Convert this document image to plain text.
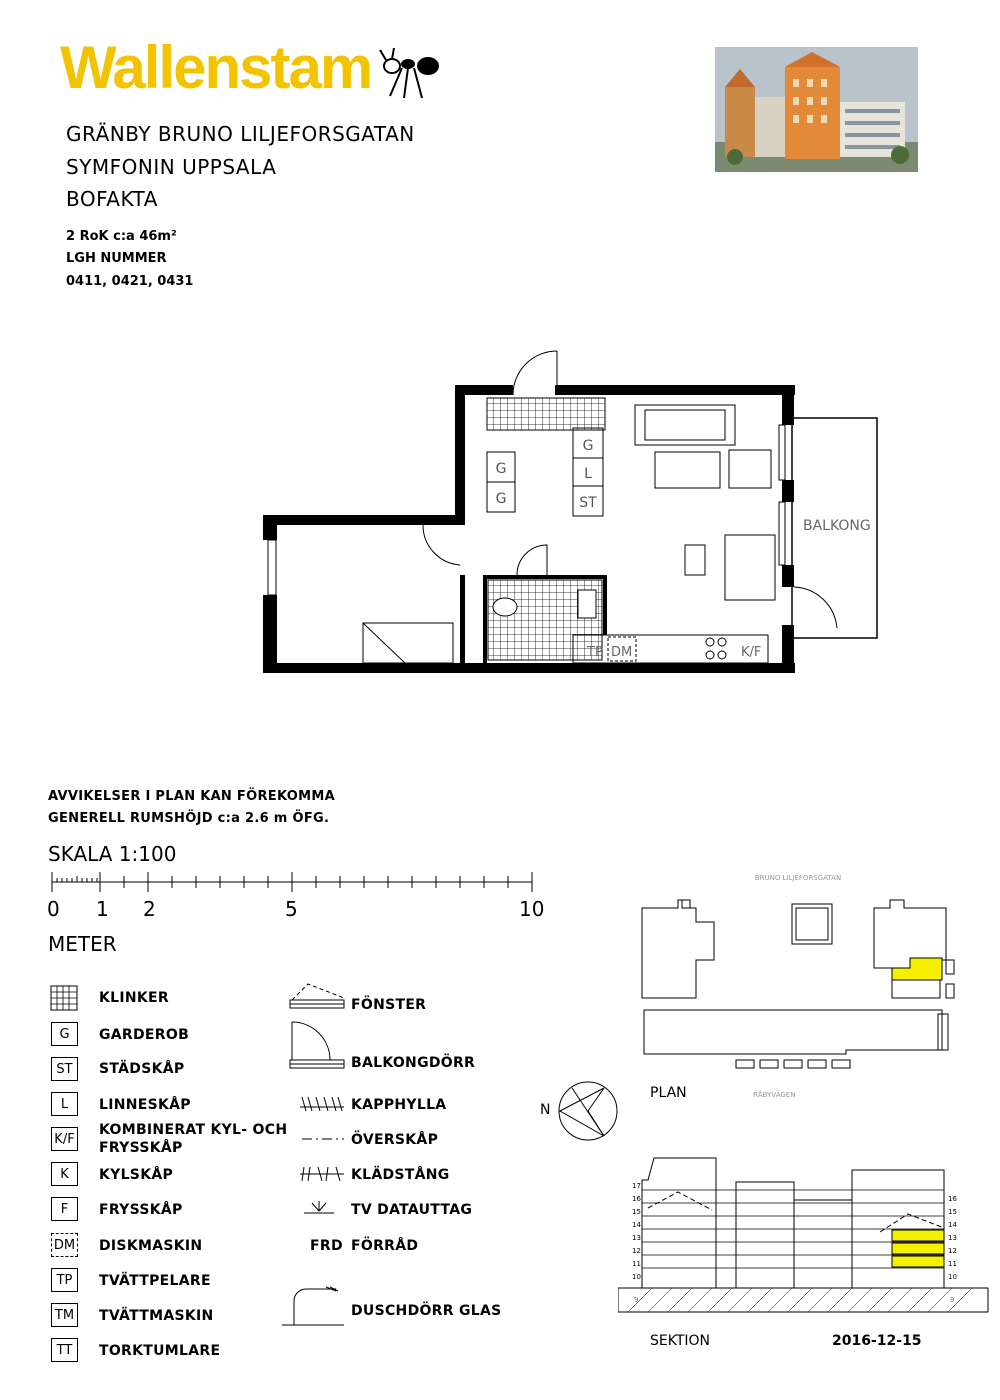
Wallenstam
GRÄNBY BRUNO LILJEFORSGATAN
SYMFONIN UPPSALA
BOFAKTA
2 RoK c:a 46m²
LGH NUMMER
0411, 0421, 0431
G
G
G
L
ST
BALKONG
TP DM	K/F
AVVIKELSER I PLAN KAN FÖREKOMMA
GENERELL RUMSHÖJD c:a 2.6 m ÖFG.
SKALA 1:100
0 1 2	5	10
METER
KLINKER
G	GARDEROB
ST	STÄDSKÅP
L	LINNESKÅP
K/F
KOMBINERAT KYL- OCH FRYSSKÅP
K	KYLSKÅP
F	FRYSSKÅP
DM DISKMASKIN
TP	TVÄTTPELARE
TM TVÄTTMASKIN
TT	TORKTUMLARE
FÖNSTER
BALKONGDÖRR
KAPPHYLLA
ÖVERSKÅP
KLÄDSTÅNG
TV DATAUTTAG
FRD FÖRRÅD
DUSCHDÖRR GLAS
N
BRUNO LILJEFORSGATAN
PLAN	RÅBYVÄGEN
17
16
15
14
13
12
11
10
9
16
15
14
13
12
11
10
9
SEKTION	2016-12-15
